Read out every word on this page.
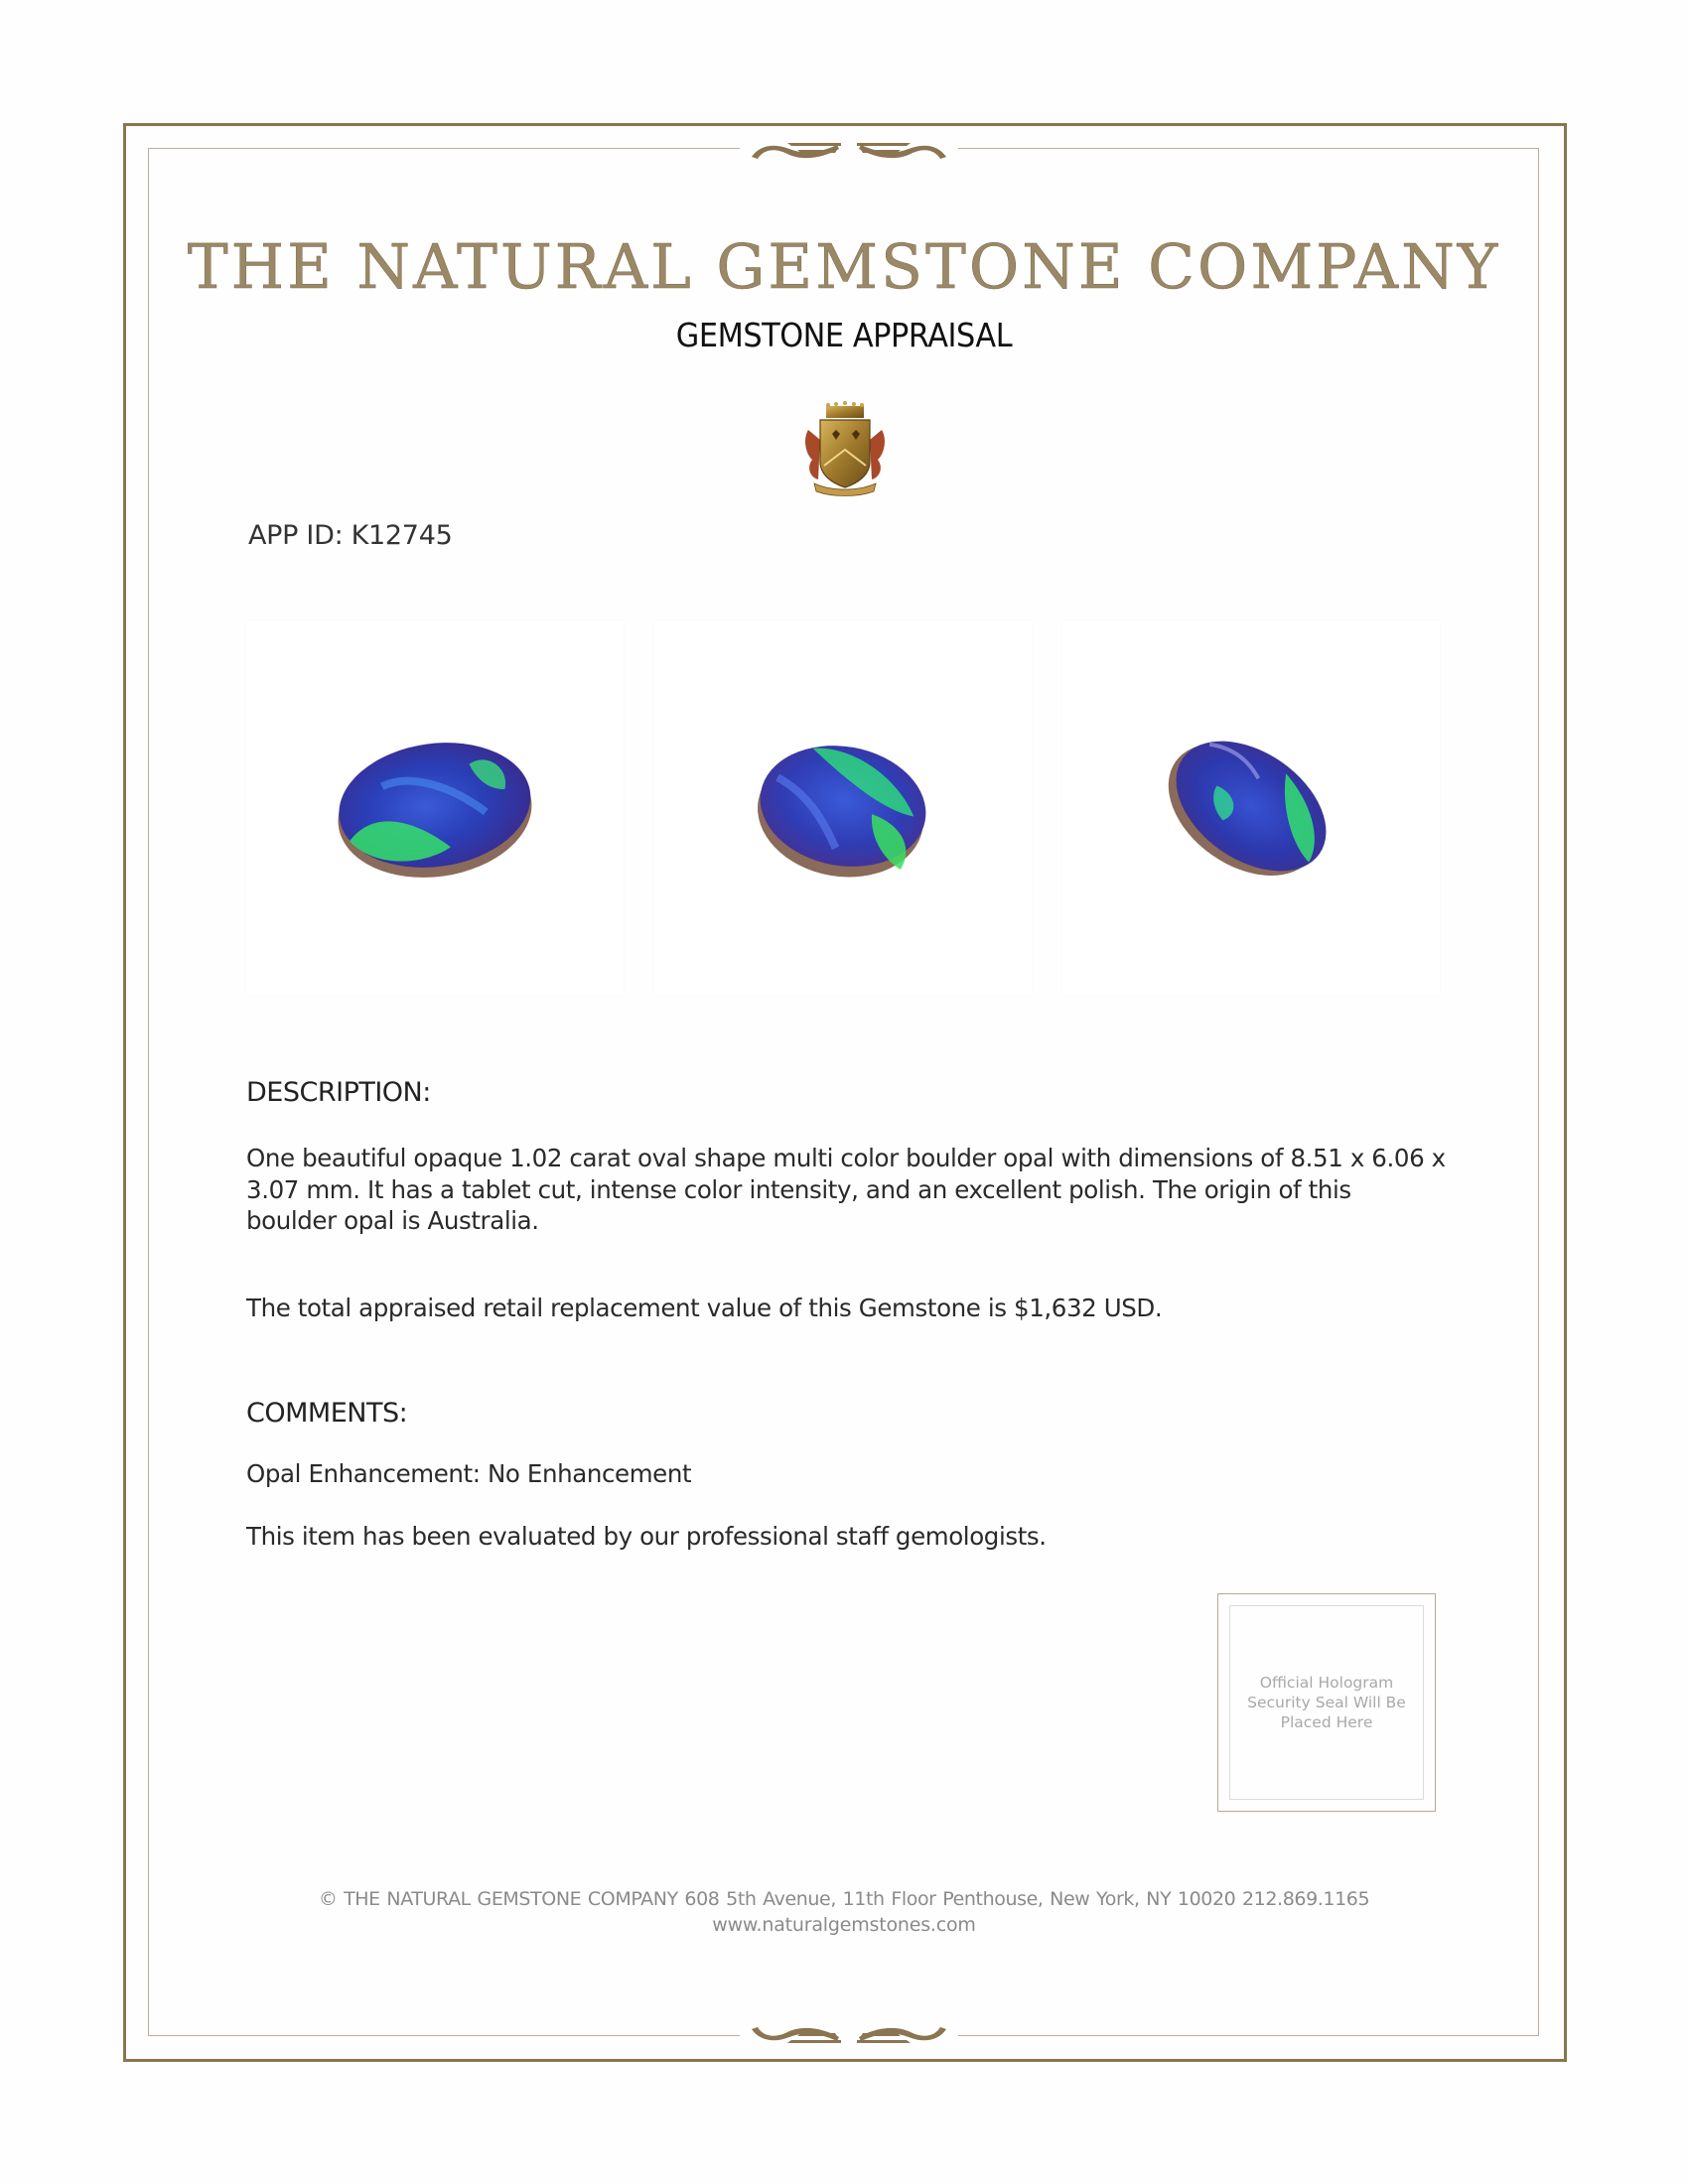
THE NATURAL GEMSTONE COMPANY
GEMSTONE APPRAISAL
APP ID: K12745
DESCRIPTION:
One beautiful opaque 1.02 carat oval shape multi color boulder opal with dimensions of 8.51 x 6.06 x 3.07 mm. It has a tablet cut, intense color intensity, and an excellent polish. The origin of this boulder opal is Australia.
The total appraised retail replacement value of this Gemstone is $1,632 USD.
COMMENTS:
Opal Enhancement: No Enhancement
This item has been evaluated by our professional staff gemologists.
Official Hologram Security Seal Will Be Placed Here
© THE NATURAL GEMSTONE COMPANY 608 5th Avenue, 11th Floor Penthouse, New York, NY 10020 212.869.1165
www.naturalgemstones.com
